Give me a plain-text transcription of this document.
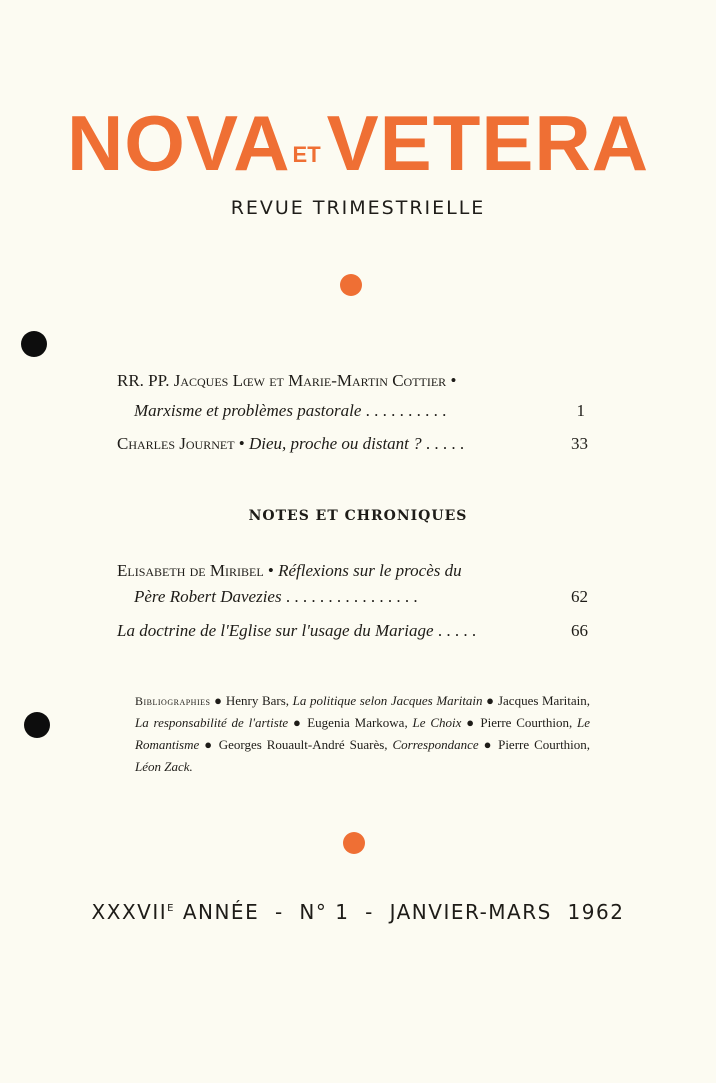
NOVAETVETERA
REVUE TRIMESTRIELLE
RR. PP. Jacques Lœw et Marie-Martin Cottier •
Marxisme et problèmes pastorale . . . . . . . . . .	1
Charles Journet • Dieu, proche ou distant ? . . . . .	33
NOTES ET CHRONIQUES
Elisabeth de Miribel • Réflexions sur le procès du
Père Robert Davezies . . . . . . . . . . . . . . . .	62
La doctrine de l'Eglise sur l'usage du Mariage . . . . .	66
Bibliographies ● Henry Bars, La politique selon Jacques Maritain ● Jacques Maritain, La responsabilité de l'artiste ● Eugenia Markowa, Le Choix ● Pierre Courthion, Le Romantisme ● Georges Rouault-André Suarès, Correspondance ● Pierre Courthion, Léon Zack.
$XXXVII^E$ ANNÉE - N° 1 - JANVIER-MARS 1962
